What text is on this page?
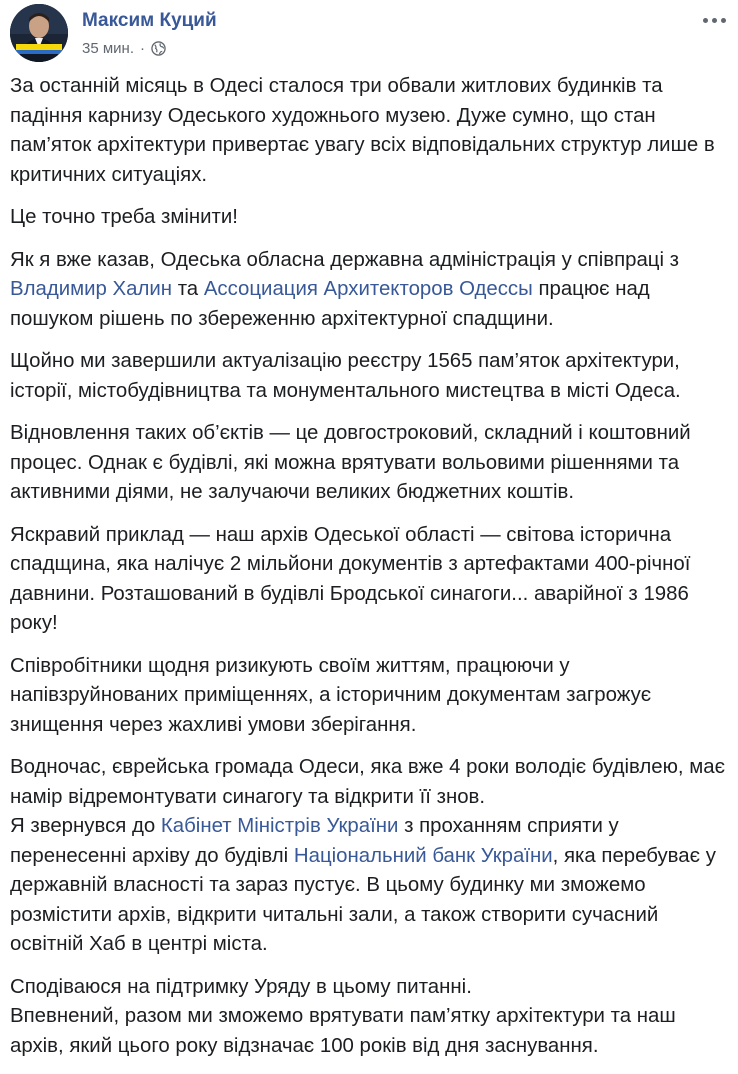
Максим Куций
35 мин. ·

За останній місяць в Одесі сталося три обвали житлових будинків та падіння карнизу Одеського художнього музею. Дуже сумно, що стан пам’яток архітектури привертає увагу всіх відповідальних структур лише в критичних ситуаціях.

Це точно треба змінити!

Як я вже казав, Одеська обласна державна адміністрація у співпраці з Владимир Халин та Ассоциация Архитекторов Одессы працює над пошуком рішень по збереженню архітектурної спадщини.

Щойно ми завершили актуалізацію реєстру 1565 пам’яток архітектури, історії, містобудівництва та монументального мистецтва в місті Одеса.

Відновлення таких об’єктів — це довгостроковий, складний і коштовний процес. Однак є будівлі, які можна врятувати вольовими рішеннями та активними діями, не залучаючи великих бюджетних коштів.

Яскравий приклад — наш архів Одеської області — світова історична спадщина, яка налічує 2 мільйони документів з артефактами 400-річної давнини. Розташований в будівлі Бродської синагоги... аварійної з 1986 року!

Співробітники щодня ризикують своїм життям, працюючи у напівзруйнованих приміщеннях, а історичним документам загрожує знищення через жахливі умови зберігання.

Водночас, єврейська громада Одеси, яка вже 4 роки володіє будівлею, має намір відремонтувати синагогу та відкрити її знов.

Я звернувся до Кабінет Міністрів України з проханням сприяти у перенесенні архіву до будівлі Національний банк України, яка перебуває у державній власності та зараз пустує. В цьому будинку ми зможемо розмістити архів, відкрити читальні зали, а також створити сучасний освітній Хаб в центрі міста.

Сподіваюся на підтримку Уряду в цьому питанні.

Впевнений, разом ми зможемо врятувати пам’ятку архітектури та наш архів, який цього року відзначає 100 років від дня заснування.
